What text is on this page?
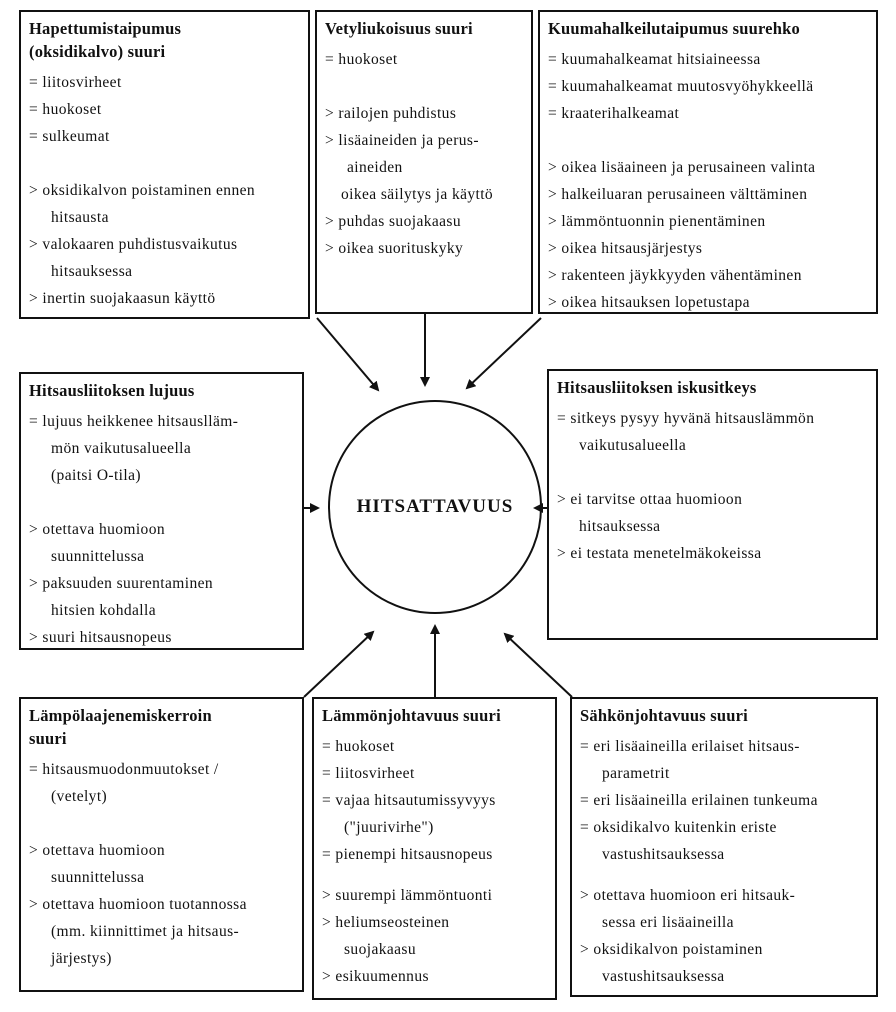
HITSATTAVUUS
Hapettumistaipumus
(oksidikalvo) suuri
= liitosvirheet
= huokoset
= sulkeumat
> oksidikalvon poistaminen ennen
hitsausta
> valokaaren puhdistusvaikutus
hitsauksessa
> inertin suojakaasun käyttö
Vetyliukoisuus suuri
= huokoset
> railojen puhdistus
> lisäaineiden ja perus-
aineiden
oikea säilytys ja käyttö
> puhdas suojakaasu
> oikea suorituskyky
Kuumahalkeilutaipumus suurehko
= kuumahalkeamat hitsiaineessa
= kuumahalkeamat muutosvyöhykkeellä
= kraaterihalkeamat
> oikea lisäaineen ja perusaineen valinta
> halkeiluaran perusaineen välttäminen
> lämmöntuonnin pienentäminen
> oikea hitsausjärjestys
> rakenteen jäykkyyden vähentäminen
> oikea hitsauksen lopetustapa
Hitsausliitoksen lujuus
= lujuus heikkenee hitsauslläm-
mön vaikutusalueella
(paitsi O-tila)
> otettava huomioon
suunnittelussa
> paksuuden suurentaminen
hitsien kohdalla
> suuri hitsausnopeus
Hitsausliitoksen iskusitkeys
= sitkeys pysyy hyvänä hitsauslämmön
vaikutusalueella
> ei tarvitse ottaa huomioon
hitsauksessa
> ei testata menetelmäkokeissa
Lämpölaajenemiskerroin
suuri
= hitsausmuodonmuutokset /
(vetelyt)
> otettava huomioon
suunnittelussa
> otettava huomioon tuotannossa
(mm. kiinnittimet ja hitsaus-
järjestys)
Lämmönjohtavuus suuri
= huokoset
= liitosvirheet
= vajaa hitsautumissyvyys
("juurivirhe")
= pienempi hitsausnopeus
> suurempi lämmöntuonti
> heliumseosteinen
suojakaasu
> esikuumennus
Sähkönjohtavuus suuri
= eri lisäaineilla erilaiset hitsaus-
parametrit
= eri lisäaineilla erilainen tunkeuma
= oksidikalvo kuitenkin eriste
vastushitsauksessa
> otettava huomioon eri hitsauk-
sessa eri lisäaineilla
> oksidikalvon poistaminen
vastushitsauksessa
